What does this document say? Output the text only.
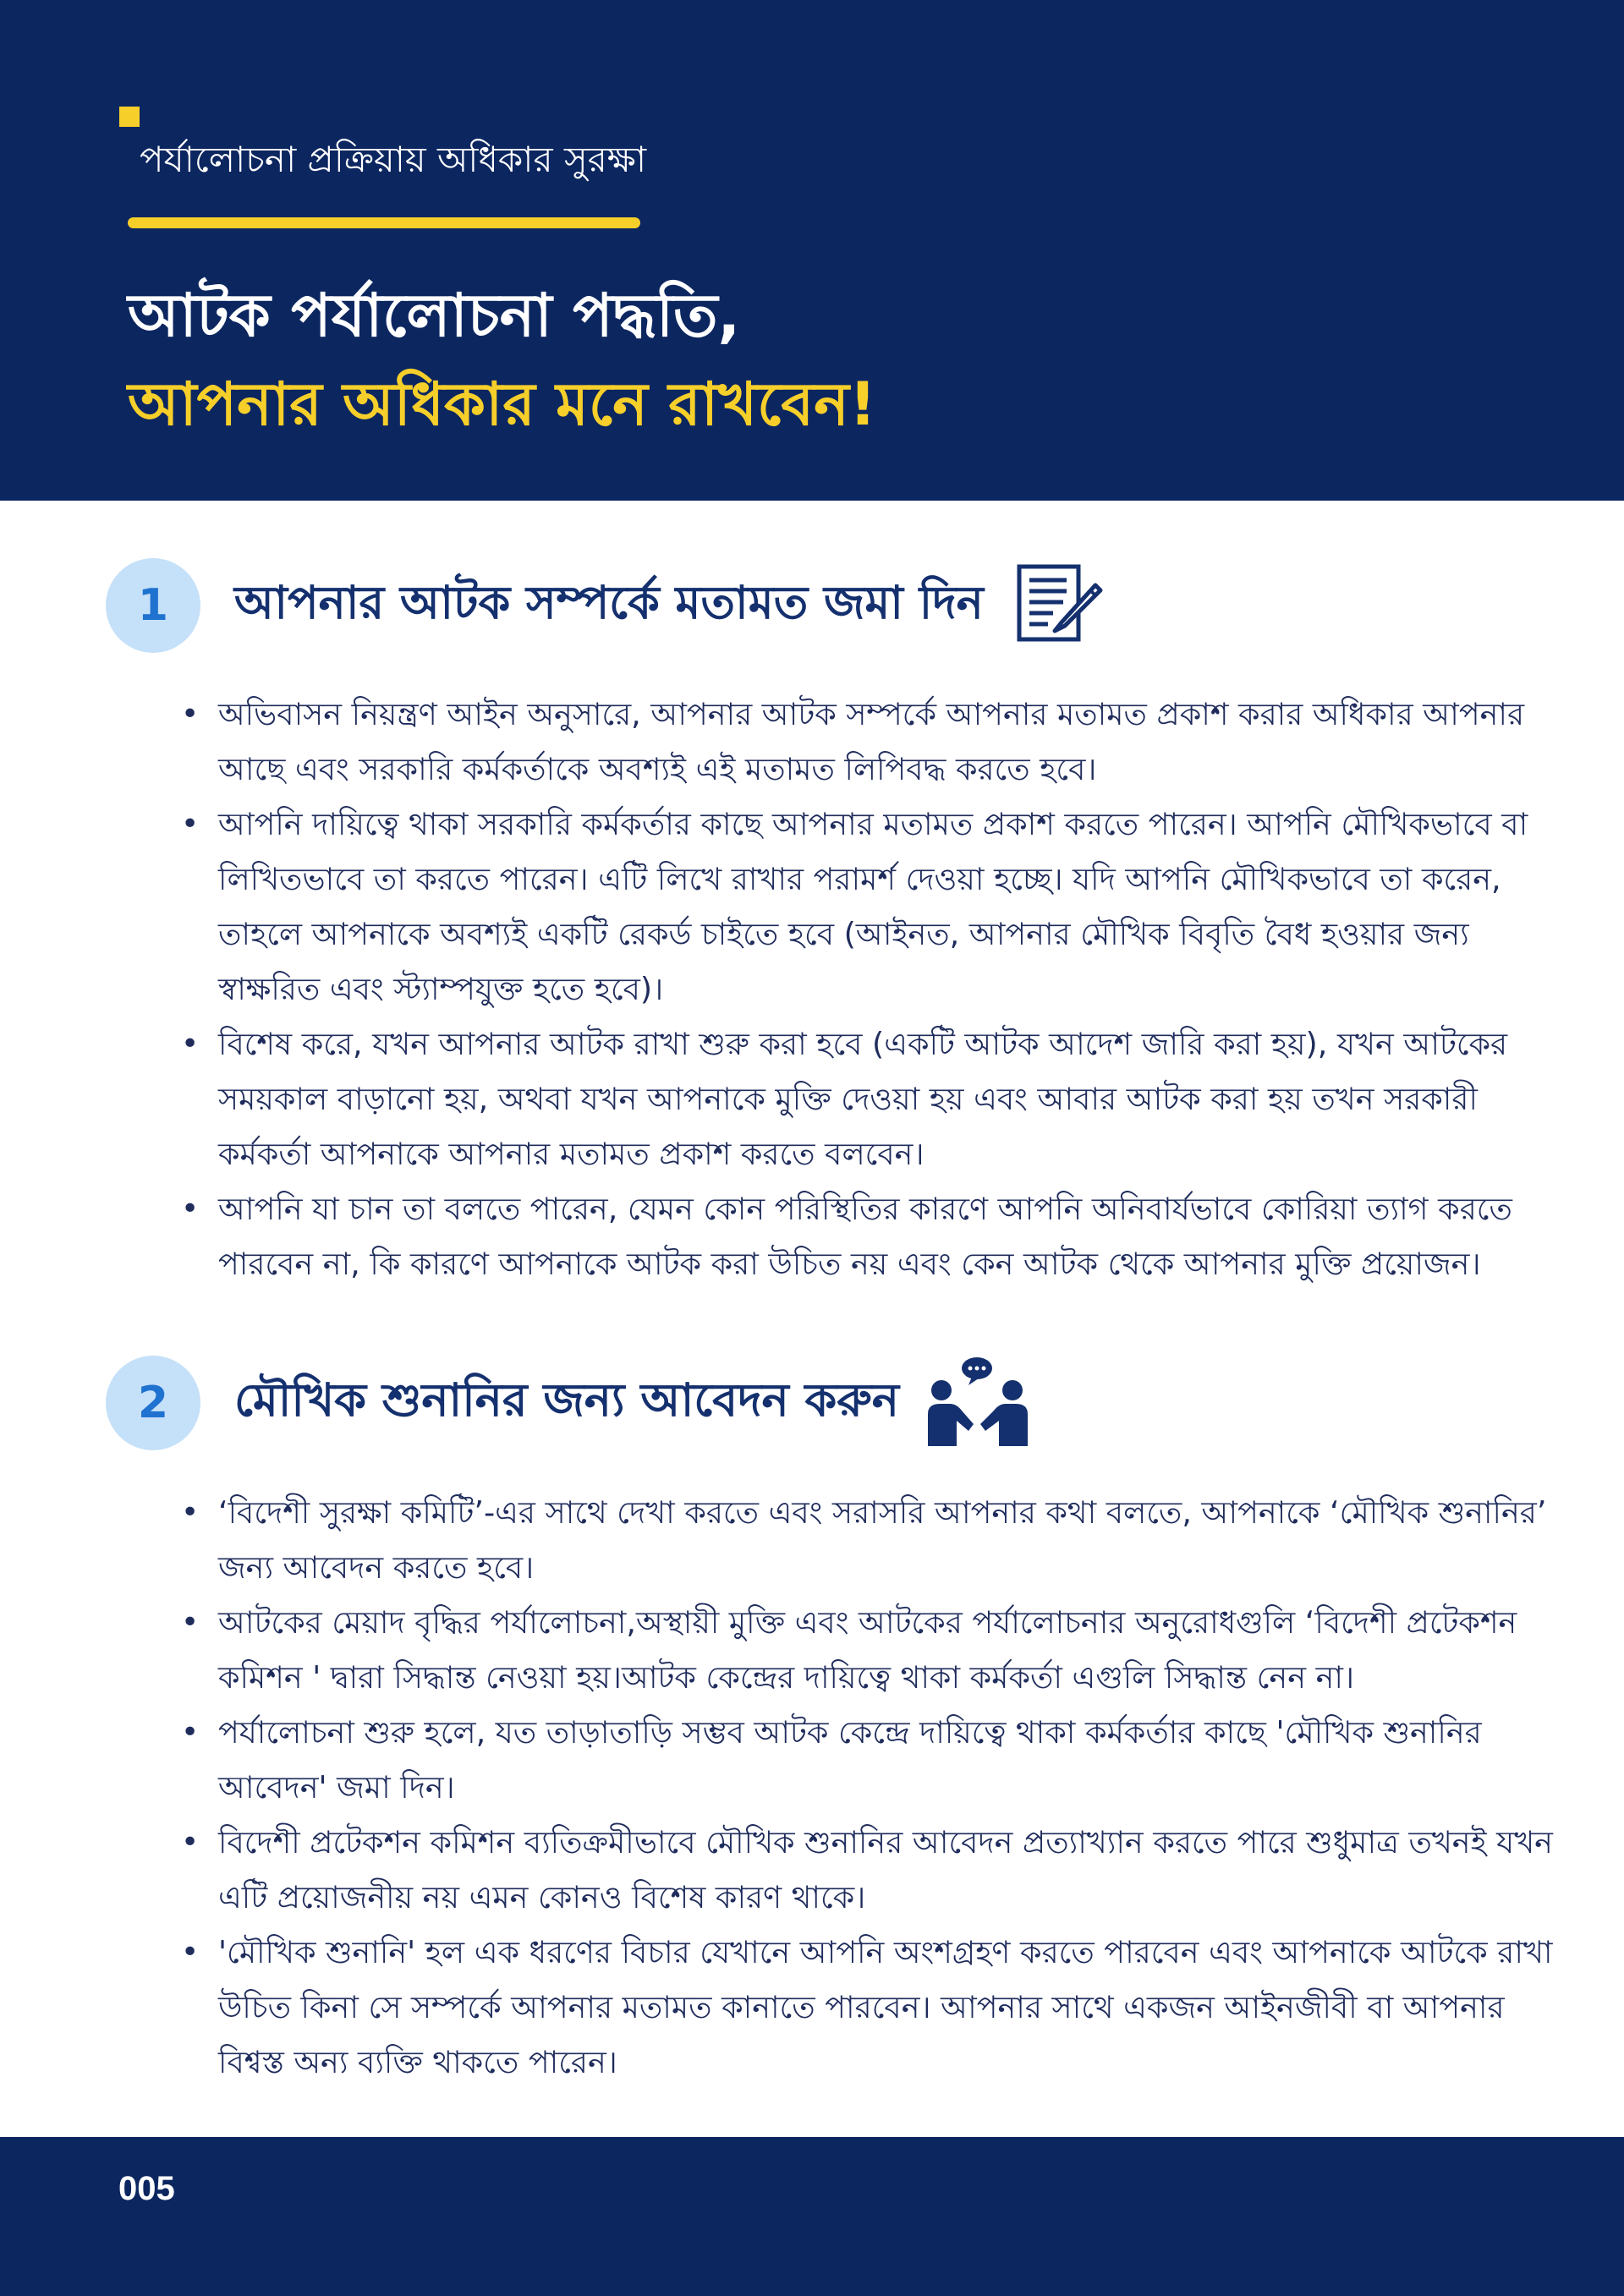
পর্যালোচনা প্রক্রিয়ায় অধিকার সুরক্ষা
আটক পর্যালোচনা পদ্ধতি,
আপনার অধিকার মনে রাখবেন!
1	আপনার আটক সম্পর্কে মতামত জমা দিন
• অভিবাসন নিয়ন্ত্রণ আইন অনুসারে, আপনার আটক সম্পর্কে আপনার মতামত প্রকাশ করার অধিকার আপনার আছে এবং সরকারি কর্মকর্তাকে অবশ্যই এই মতামত লিপিবদ্ধ করতে হবে।
• আপনি দায়িত্বে থাকা সরকারি কর্মকর্তার কাছে আপনার মতামত প্রকাশ করতে পারেন। আপনি মৌখিকভাবে বা লিখিতভাবে তা করতে পারেন। এটি লিখে রাখার পরামর্শ দেওয়া হচ্ছে। যদি আপনি মৌখিকভাবে তা করেন, তাহলে আপনাকে অবশ্যই একটি রেকর্ড চাইতে হবে (আইনত, আপনার মৌখিক বিবৃতি বৈধ হওয়ার জন্য স্বাক্ষরিত এবং স্ট্যাম্পযুক্ত হতে হবে)।
• বিশেষ করে, যখন আপনার আটক রাখা শুরু করা হবে (একটি আটক আদেশ জারি করা হয়), যখন আটকের সময়কাল বাড়ানো হয়, অথবা যখন আপনাকে মুক্তি দেওয়া হয় এবং আবার আটক করা হয় তখন সরকারী কর্মকর্তা আপনাকে আপনার মতামত প্রকাশ করতে বলবেন।
• আপনি যা চান তা বলতে পারেন, যেমন কোন পরিস্থিতির কারণে আপনি অনিবার্যভাবে কোরিয়া ত্যাগ করতে পারবেন না, কি কারণে আপনাকে আটক করা উচিত নয় এবং কেন আটক থেকে আপনার মুক্তি প্রয়োজন।
2	মৌখিক শুনানির জন্য আবেদন করুন
• ‘বিদেশী সুরক্ষা কমিটি’-এর সাথে দেখা করতে এবং সরাসরি আপনার কথা বলতে, আপনাকে ‘মৌখিক শুনানির’ জন্য আবেদন করতে হবে।
• আটকের মেয়াদ বৃদ্ধির পর্যালোচনা,অস্থায়ী মুক্তি এবং আটকের পর্যালোচনার অনুরোধগুলি ‘বিদেশী প্রটেকশন কমিশন ' দ্বারা সিদ্ধান্ত নেওয়া হয়।আটক কেন্দ্রের দায়িত্বে থাকা কর্মকর্তা এগুলি সিদ্ধান্ত নেন না।
• পর্যালোচনা শুরু হলে, যত তাড়াতাড়ি সম্ভব আটক কেন্দ্রে দায়িত্বে থাকা কর্মকর্তার কাছে 'মৌখিক শুনানির আবেদন' জমা দিন।
• বিদেশী প্রটেকশন কমিশন ব্যতিক্রমীভাবে মৌখিক শুনানির আবেদন প্রত্যাখ্যান করতে পারে শুধুমাত্র তখনই যখন এটি প্রয়োজনীয় নয় এমন কোনও বিশেষ কারণ থাকে।
• 'মৌখিক শুনানি' হল এক ধরণের বিচার যেখানে আপনি অংশগ্রহণ করতে পারবেন এবং আপনাকে আটকে রাখা উচিত কিনা সে সম্পর্কে আপনার মতামত কানাতে পারবেন। আপনার সাথে একজন আইনজীবী বা আপনার বিশ্বস্ত অন্য ব্যক্তি থাকতে পারেন।
005
